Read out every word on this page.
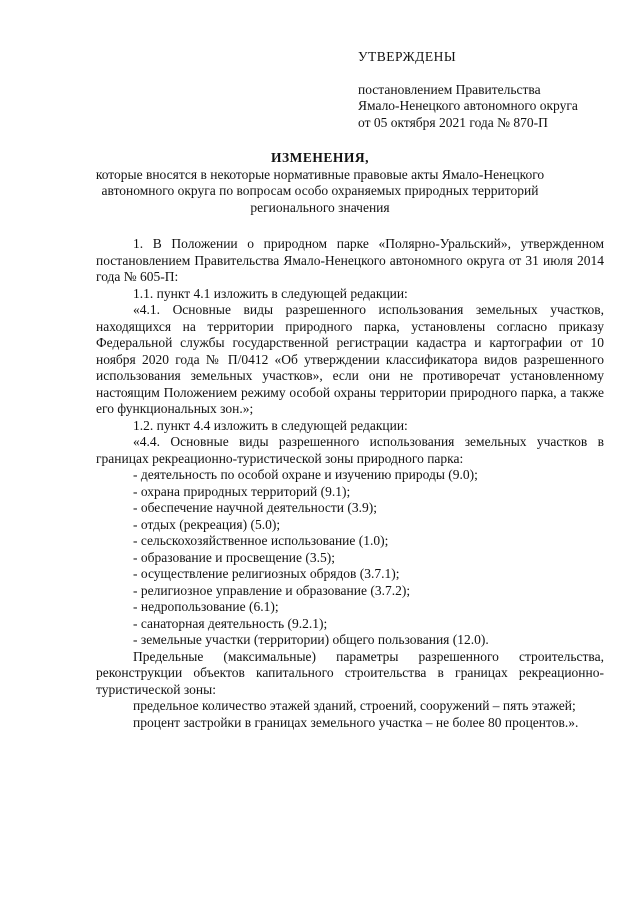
УТВЕРЖДЕНЫ
постановлением Правительства
Ямало-Ненецкого автономного округа
от 05 октября 2021 года № 870-П
ИЗМЕНЕНИЯ,
которые вносятся в некоторые нормативные правовые акты Ямало-Ненецкого автономного округа по вопросам особо охраняемых природных территорий регионального значения

1. В Положении о природном парке «Полярно-Уральский», утвержденном постановлением Правительства Ямало-Ненецкого автономного округа от 31 июля 2014 года № 605-П:

1.1. пункт 4.1 изложить в следующей редакции:

«4.1. Основные виды разрешенного использования земельных участков, находящихся на территории природного парка, установлены согласно приказу Федеральной службы государственной регистрации кадастра и картографии от 10 ноября 2020 года № П/0412 «Об утверждении классификатора видов разрешенного использования земельных участков», если они не противоречат установленному настоящим Положением режиму особой охраны территории природного парка, а также его функциональных зон.»;

1.2. пункт 4.4 изложить в следующей редакции:

«4.4. Основные виды разрешенного использования земельных участков в границах рекреационно-туристической зоны природного парка:

- деятельность по особой охране и изучению природы (9.0);

- охрана природных территорий (9.1);

- обеспечение научной деятельности (3.9);

- отдых (рекреация) (5.0);

- сельскохозяйственное использование (1.0);

- образование и просвещение (3.5);

- осуществление религиозных обрядов (3.7.1);

- религиозное управление и образование (3.7.2);

- недропользование (6.1);

- санаторная деятельность (9.2.1);

- земельные участки (территории) общего пользования (12.0).

Предельные (максимальные) параметры разрешенного строительства, реконструкции объектов капитального строительства в границах рекреационно-туристической зоны:

предельное количество этажей зданий, строений, сооружений – пять этажей;

процент застройки в границах земельного участка – не более 80 процентов.».
